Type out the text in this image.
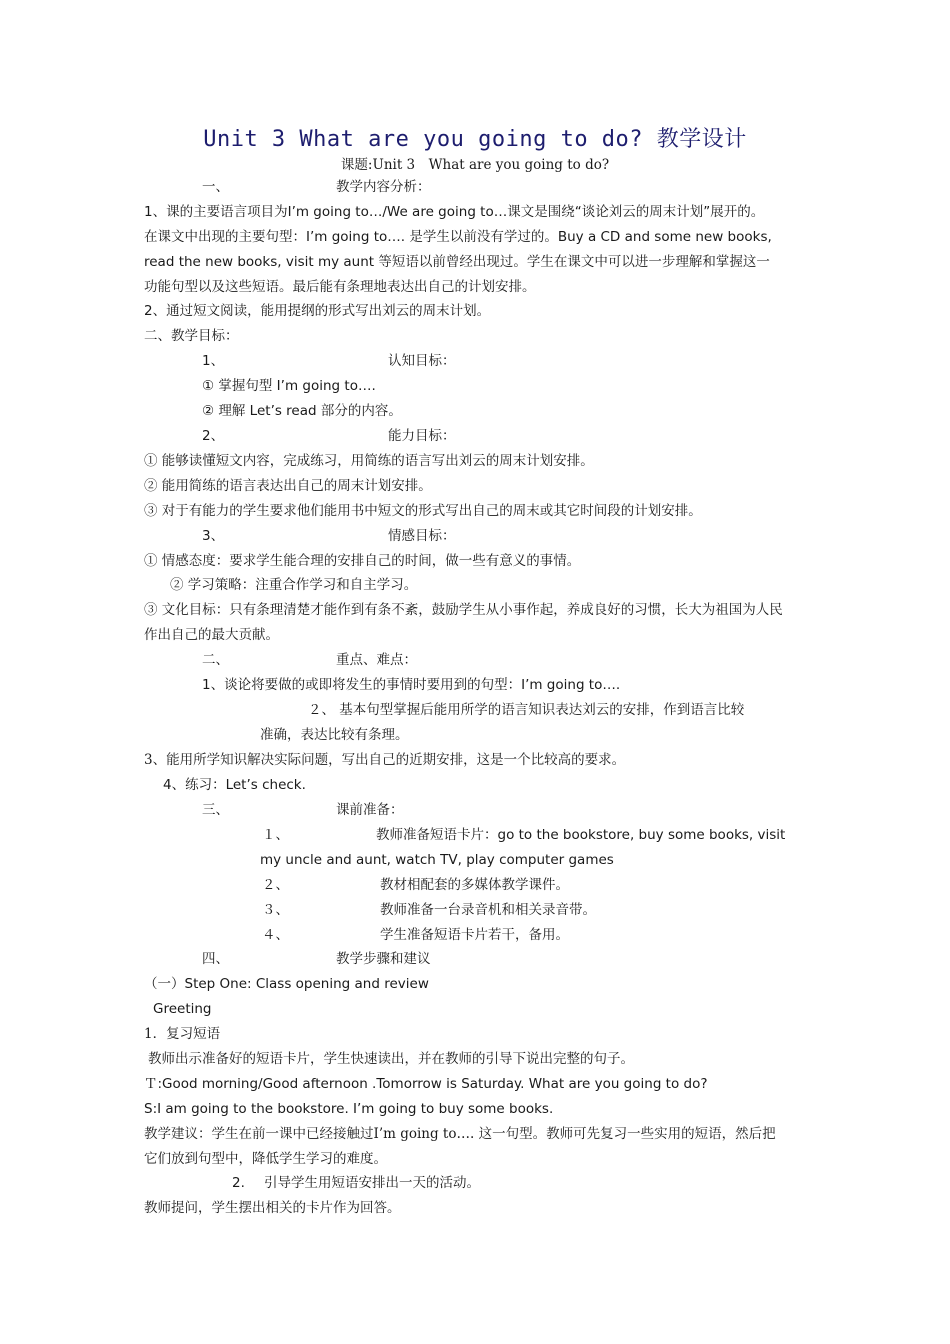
Unit 3 What are you going to do? 教学设计
课题:Unit 3　What are you going to do?
一、	教学内容分析：
1、课的主要语言项目为I’m going to…/We are going to…课文是围绕“谈论刘云的周末计划”展开的。
在课文中出现的主要句型：I’m going to…. 是学生以前没有学过的。Buy a CD and some new books,
read the new books, visit my aunt 等短语以前曾经出现过。学生在课文中可以进一步理解和掌握这一
功能句型以及这些短语。最后能有条理地表达出自己的计划安排。
2、通过短文阅读，能用提纲的形式写出刘云的周末计划。
二、教学目标：
1、	认知目标：
① 掌握句型 I’m going to….
② 理解 Let’s read 部分的内容。
2、	能力目标：
① 能够读懂短文内容，完成练习，用简练的语言写出刘云的周末计划安排。
② 能用简练的语言表达出自己的周末计划安排。
③ 对于有能力的学生要求他们能用书中短文的形式写出自己的周末或其它时间段的计划安排。
3、	情感目标：
① 情感态度：要求学生能合理的安排自己的时间，做一些有意义的事情。
② 学习策略：注重合作学习和自主学习。
③ 文化目标：只有条理清楚才能作到有条不紊，鼓励学生从小事作起，养成良好的习惯，长大为祖国为人民
作出自己的最大贡献。
二、	重点、难点：
1、谈论将要做的或即将发生的事情时要用到的句型：I’m going to….
２、 基本句型掌握后能用所学的语言知识表达刘云的安排，作到语言比较
准确，表达比较有条理。
3、能用所学知识解决实际问题，写出自己的近期安排，这是一个比较高的要求。
4、练习：Let’s check.
三、	课前准备：
１、	教师准备短语卡片：go to the bookstore, buy some books, visit
my uncle and aunt, watch TV, play computer games
２、	教材相配套的多媒体教学课件。
３、	教师准备一台录音机和相关录音带。
４、	学生准备短语卡片若干，备用。
四、	教学步骤和建议
（一）Step One: Class opening and review
Greeting
1．复习短语
教师出示准备好的短语卡片，学生快速读出，并在教师的引导下说出完整的句子。
Ｔ:Good morning/Good afternoon .Tomorrow is Saturday. What are you going to do?
S:I am going to the bookstore. I’m going to buy some books.
教学建议：学生在前一课中已经接触过I’m going to…. 这一句型。教师可先复习一些实用的短语，然后把
它们放到句型中，降低学生学习的难度。
2. 引导学生用短语安排出一天的活动。
教师提问，学生摆出相关的卡片作为回答。
